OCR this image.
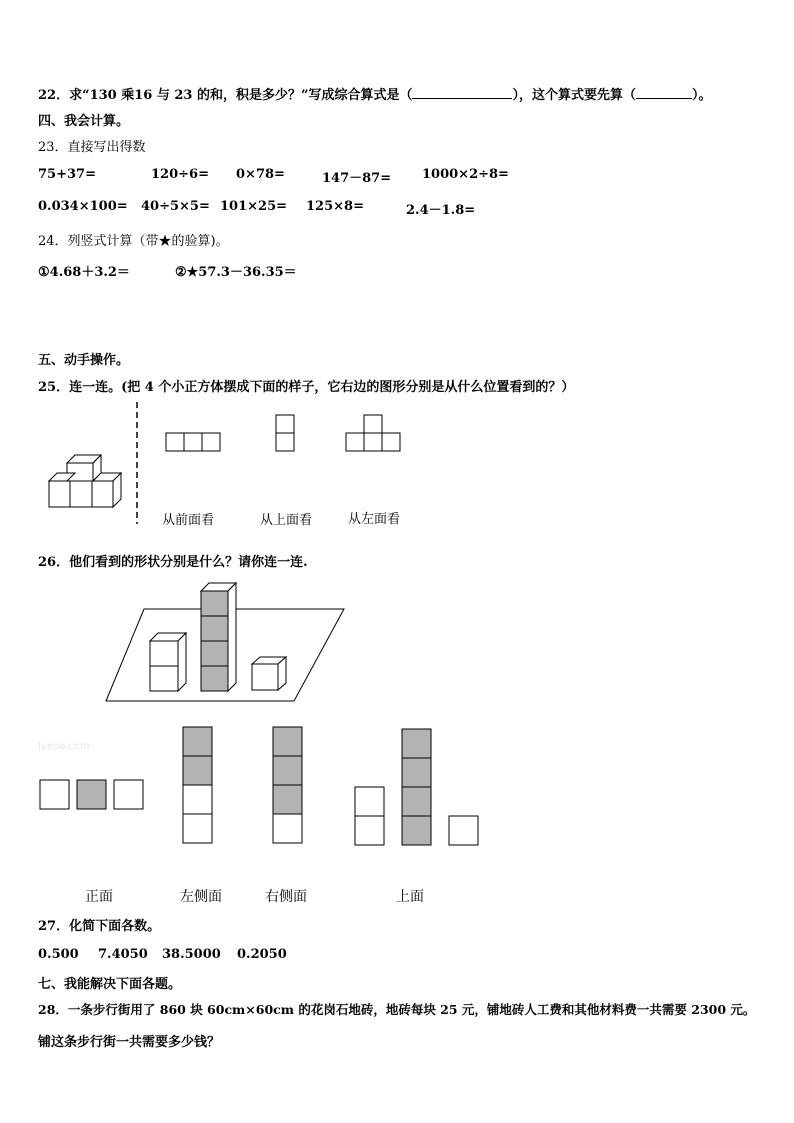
22．求“130 乘16 与 23 的和，积是多少？”写成综合算式是（	），这个算式要先算（	）。
四、我会计算。
23．直接写出得数
75+37=	120÷6= 0×78=	147－87= 1000×2÷8=
0.034×100= 40÷5×5= 101×25= 125×8=	2.4－1.8=
24．列竖式计算（带★的验算)。
①4.68＋3.2＝	②★57.3－36.35＝
五、动手操作。
25．连一连。(把 4 个小正方体摆成下面的样子，它右边的图形分别是从什么位置看到的？）
从前面看	从上面看	从左面看
26．他们看到的形状分别是什么？请你连一连.
Jyeoo.com
正面	左侧面	右侧面	上面
27．化简下面各数。
0.500 7.4050 38.5000 0.2050
七、我能解决下面各题。
28．一条步行街用了 860 块 60cm×60cm 的花岗石地砖，地砖每块 25 元，铺地砖人工费和其他材料费一共需要 2300 元。
铺这条步行街一共需要多少钱？
